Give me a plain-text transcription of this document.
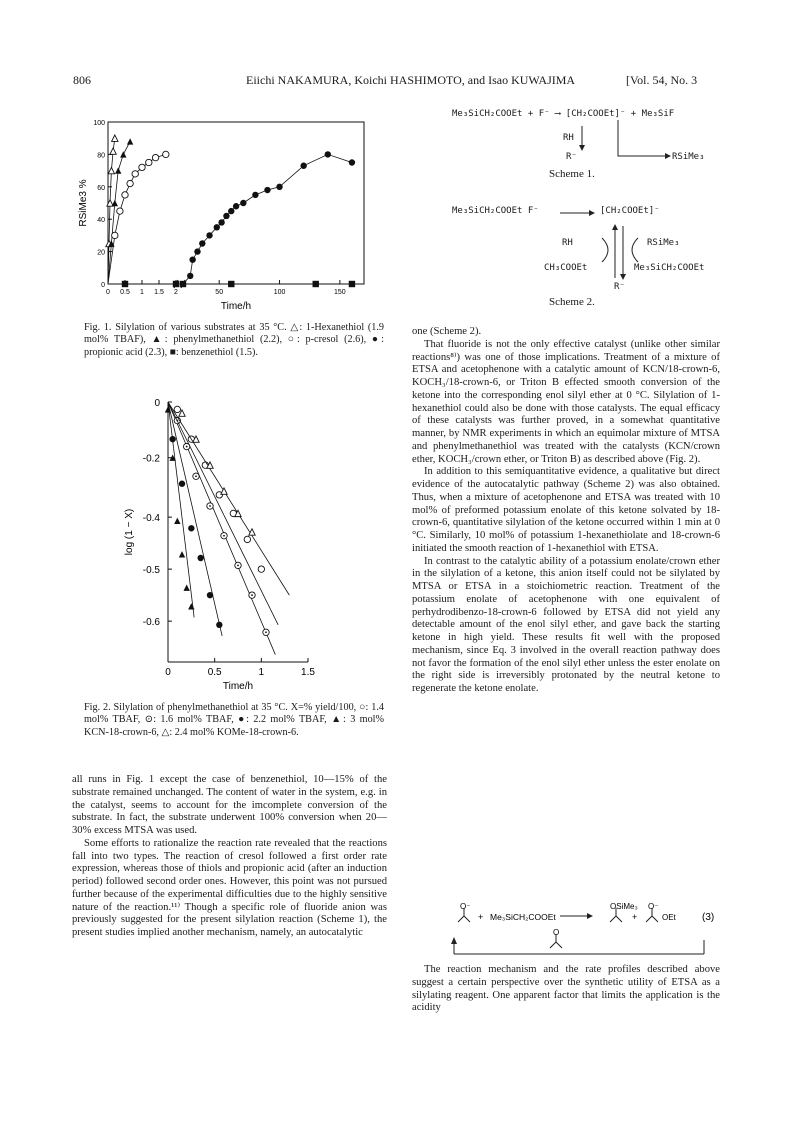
806	Eiichi NAKAMURA, Koichi HASHIMOTO, and Isao KUWAJIMA	[Vol. 54, No. 3
0
20
40
60
80
100
0 0.5 1 1.5 2	50	100	150
Time/h
RSiMe3 %
Fig. 1. Silylation of various substrates at 35 °C. △: 1-Hexanethiol (1.9 mol% TBAF), ▲: phenylmethanethiol (2.2), ○: p-cresol (2.6), ●: propionic acid (2.3), ■: benzenethiol (1.5).
0
-0.2
-0.4
-0.5
-0.6
0	0.5	1	1.5
Time/h
log (1 − X)
Fig. 2. Silylation of phenylmethanethiol at 35 °C. X=% yield/100, ○: 1.4 mol% TBAF, ⊙: 1.6 mol% TBAF, ●: 2.2 mol% TBAF, ▲: 3 mol% KCN-18-crown-6, △: 2.4 mol% KOMe-18-crown-6.

all runs in Fig. 1 except the case of benzenethiol, 10—15% of the substrate remained unchanged. The content of water in the system, e.g. in the catalyst, seems to account for the imcomplete conversion of the substrate. In fact, the substrate underwent 100% conversion when 20—30% excess MTSA was used.

Some efforts to rationalize the reaction rate revealed that the reactions fall into two types. The reaction of cresol followed a first order rate expression, whereas those of thiols and propionic acid (after an induction period) followed second order ones. However, this point was not pursued further because of the experimental difficulties due to the highly sensitive nature of the reaction.¹¹⁾ Though a specific role of fluoride anion was previously suggested for the present silylation reaction (Scheme 1), the present studies implied another mechanism, namely, an autocatalytic

Me₃SiCH₂COOEt + F⁻ ⟶ [CH₂COOEt]⁻ + Me₃SiF
RH
R⁻	RSiMe₃
Scheme 1.
Me₃SiCH₂COOEt F⁻	[CH₂COOEt]⁻
RH	RSiMe₃
CH₃COOEt	Me₃SiCH₂COOEt
R⁻
Scheme 2.

one (Scheme 2).

That fluoride is not the only effective catalyst (unlike other similar reactions⁸⁾) was one of those implications. Treatment of a mixture of ETSA and acetophenone with a catalytic amount of KCN/18-crown-6, KOCH₃/18-crown-6, or Triton B effected smooth conversion of the ketone into the corresponding enol silyl ether at 0 °C. Silylation of 1-hexanethiol could also be done with those catalysts. The equal efficacy of these catalysts was further proved, in a somewhat quantitative manner, by NMR experiments in which an equimolar mixture of MTSA and phenylmethanethiol was treated with the catalysts (KCN/crown ether, KOCH₃/crown ether, or Triton B) as described above (Fig. 2).

In addition to this semiquantitative evidence, a qualitative but direct evidence of the autocatalytic pathway (Scheme 2) was also obtained. Thus, when a mixture of acetophenone and ETSA was treated with 10 mol% of preformed potassium enolate of this ketone solvated by 18-crown-6, quantitative silylation of the ketone occurred within 1 min at 0 °C. Similarly, 10 mol% of potassium 1-hexanethiolate and 18-crown-6 initiated the smooth reaction of 1-hexanethiol with ETSA.

In contrast to the catalytic ability of a potassium enolate/crown ether in the silylation of a ketone, this anion itself could not be silylated by MTSA or ETSA in a stoichiometric reaction. Treatment of the potassium enolate of acetophenone with one equivalent of perhydrodibenzo-18-crown-6 followed by ETSA did not yield any detectable amount of the enol silyl ether, and gave back the starting ketone in high yield. These results fit well with the proposed mechanism, since Eq. 3 involved in the overall reaction pathway does not favor the formation of the enol silyl ether unless the ester enolate on the right side is irreversibly protonated by the neutral ketone to regenerate the ketone enolate.

O⁻
+ Me₃SiCH₂COOEt
OSiMe₃
+
O⁻
OEt
O
(3)

The reaction mechanism and the rate profiles described above suggest a certain perspective over the synthetic utility of ETSA as a silylating reagent. One apparent factor that limits the application is the acidity
